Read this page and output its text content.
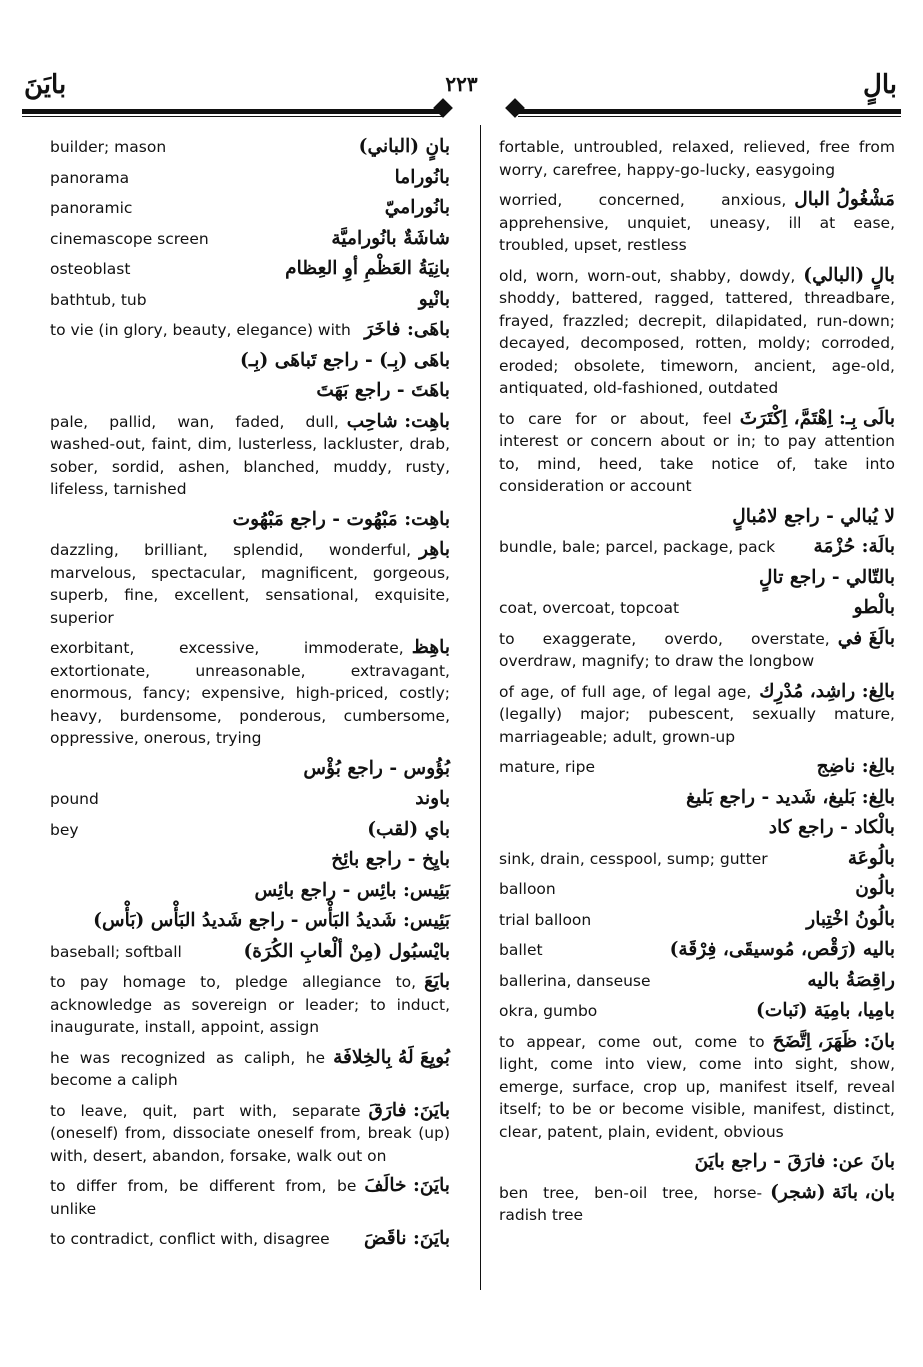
بايَنَ	٢٢٣	بالٍ
بانٍ (الباني)
builder; mason
بانُوراما
panorama
بانُوراميّ
panoramic
شاشَةٌ بانُوراميَّة
cinemascope screen
بانِيَةُ العَظْمِ أوِ العِظام
osteoblast
بانْيو
bathtub, tub
باهَى: فاخَرَ
to vie (in glory, beauty, elegance) with
باهَى (بِـ) - راجع تَباهَى (بِـ)
باهَتَ - راجع بَهَتَ
باهِت: شاحِب
pale, pallid, wan, faded, dull, washed-out, faint, dim, lusterless, lackluster, drab, sober, sordid, ashen, blanched, muddy, rusty, lifeless, tarnished
باهِت: مَبْهُوت - راجع مَبْهُوت
باهِر
dazzling, brilliant, splendid, wonderful, marvelous, spectacular, magnificent, gorgeous, superb, fine, excellent, sensational, exquisite, superior
باهِظ
exorbitant, excessive, immoderate, extortionate, unreasonable, extravagant, enormous, fancy; expensive, high-priced, costly; heavy, burdensome, ponderous, cumbersome, oppressive, onerous, trying
بُؤُوس - راجع بُؤْس
باوند
pound
باي (لقب)
bey
بايِخ - راجع بائِخ
بَئِيس: بائِس - راجع بائِس
بَئِيس: شَديدُ البَأْس - راجع شَديدُ البَأْس (بَأْس)
بايْسبُول (مِنْ ألْعابِ الكُرَة)
baseball; softball
بايَعَ
to pay homage to, pledge allegiance to, acknowledge as sovereign or leader; to induct, inaugurate, install, appoint, assign
بُويِعَ لَهُ بِالخِلافَة
he was recognized as caliph, he become a caliph
بايَنَ: فارَقَ
to leave, quit, part with, separate (oneself) from, dissociate oneself from, break (up) with, desert, abandon, forsake, walk out on
بايَنَ: خالَفَ
to differ from, be different from, be unlike
بايَنَ: ناقَضَ
to contradict, conflict with, disagree
fortable, untroubled, relaxed, relieved, free from worry, carefree, happy-go-lucky, easygoing
مَشْغُولُ البال
worried, concerned, anxious, apprehensive, unquiet, uneasy, ill at ease, troubled, upset, restless
بالٍ (البالي)
old, worn, worn-out, shabby, dowdy, shoddy, battered, ragged, tattered, threadbare, frayed, frazzled; decrepit, dilapidated, run-down; decayed, decomposed, rotten, moldy; corroded, eroded; obsolete, timeworn, ancient, age-old, antiquated, old-fashioned, outdated
بالَى بِـ: اِهْتَمَّ، اِكْتَرَثَ
to care for or about, feel interest or concern about or in; to pay attention to, mind, heed, take notice of, take into consideration or account
لا يُبالي - راجع لامُبالٍ
بالَة: حُزْمَة
bundle, bale; parcel, package, pack
بالتّالي - راجع تالٍ
بالْطو
coat, overcoat, topcoat
بالَغَ في
to exaggerate, overdo, overstate, overdraw, magnify; to draw the longbow
بالِغ: راشِد، مُدْرِك
of age, of full age, of legal age, (legally) major; pubescent, sexually mature, marriageable; adult, grown-up
بالِغ: ناضِج
mature, ripe
بالِغ: بَليغ، شَديد - راجع بَليغ
بالْكاد - راجع كاد
بالُوعَة
sink, drain, cesspool, sump; gutter
بالُون
balloon
بالُونُ اخْتِبار
trial balloon
باليه (رَقْص، مُوسيقَى، فِرْقَة)
ballet
راقِصَةُ باليه
ballerina, danseuse
بامِيا، بامِيَة (نَبات)
okra, gumbo
بانَ: ظَهَرَ، اِتَّضَحَ
to appear, come out, come to light, come into view, come into sight, show, emerge, surface, crop up, manifest itself, reveal itself; to be or become visible, manifest, distinct, clear, patent, plain, evident, obvious
بانَ عن: فارَقَ - راجع بايَنَ
بان، بانَة (شجر)
ben tree, ben-oil tree, horse-radish tree
